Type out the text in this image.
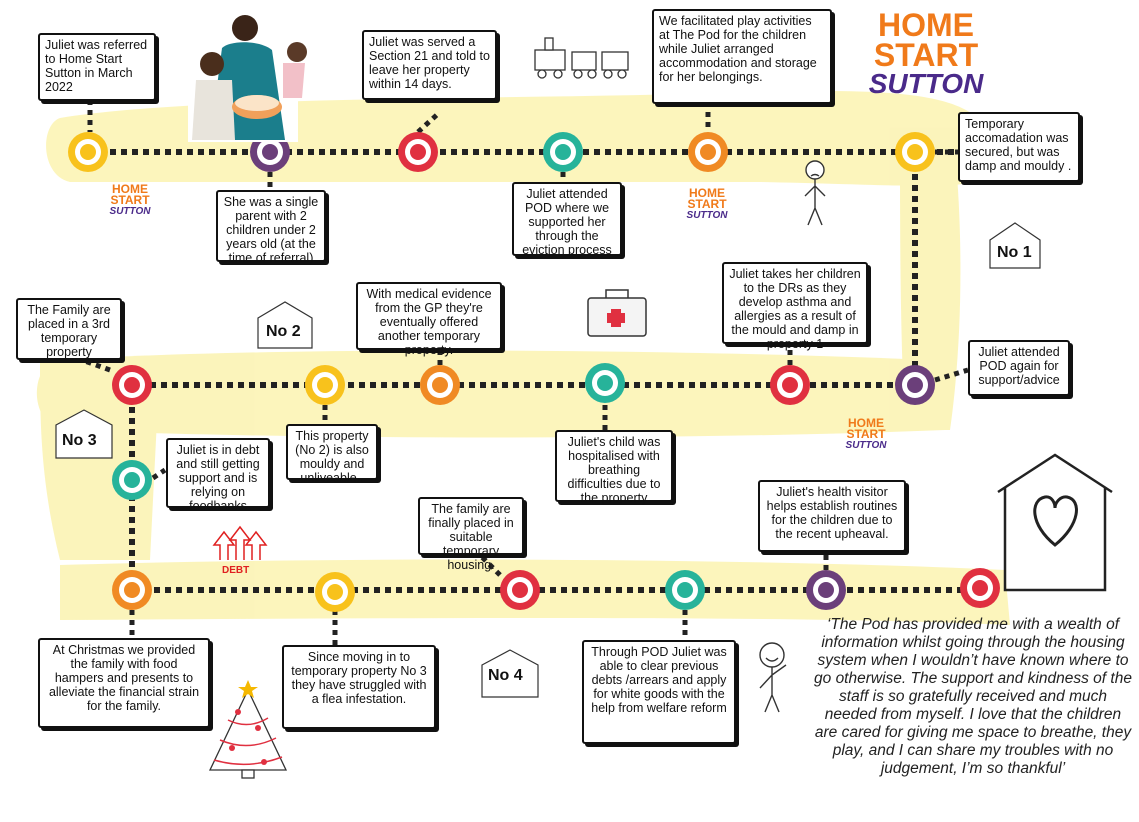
HOME
START
SUTTON
HOME
START
SUTTON
HOME
START
SUTTON
HOME
START
SUTTON
Juliet was referred to Home Start Sutton in March 2022
She was a single parent with 2 children under 2 years old (at the time of referral)
Juliet was served a Section 21 and told to leave her property within 14 days.
Juliet attended POD where we supported her through the eviction process
We facilitated play activities at The Pod for the children while Juliet arranged accommodation and storage for her belongings.
Temporary accomadation was secured, but was damp and mouldy .
Juliet attended POD again for support/advice
Juliet takes her children to the DRs as they develop asthma and allergies as a result of the mould and damp in property 1
Juliet's child was hospitalised with breathing difficulties due to the property
With medical evidence from the GP they're eventually offered another temporary property.
This property (No 2) is also mouldy and unliveable..
The Family are placed in a 3rd temporary property
Juliet is in debt and still getting support and is relying on foodbanks
At Christmas we provided the family with food hampers and presents to alleviate the financial strain for the family.
Since moving in to temporary property No 3 they have struggled with a flea infestation.
The family are finally placed in suitable temporary housing.
Through POD Juliet was able to clear previous debts /arrears and apply for white goods with the help from welfare reform
Juliet's health visitor helps establish routines for the children due to the recent upheaval.
No 1
No 2
No 3
No 4
DEBT
‘The Pod has provided me with a wealth of information whilst going through the housing system when I wouldn’t have known where to go otherwise. The support and kindness of the staff is so gratefully received and much needed from myself. I love that the children are cared for giving me space to breathe, they play, and I can share my troubles with no judgement, I’m so thankful’
